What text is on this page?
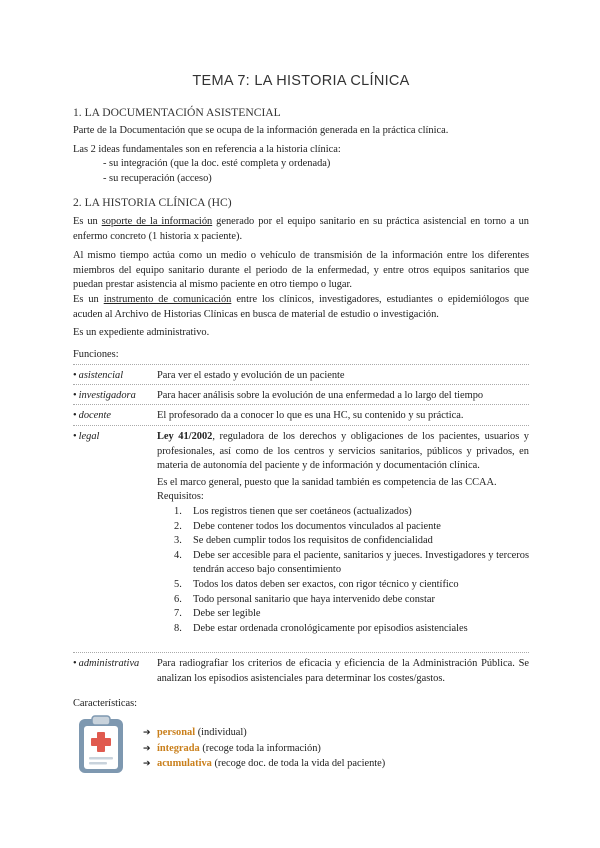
TEMA 7: LA HISTORIA CLÍNICA
1. LA DOCUMENTACIÓN ASISTENCIAL

Parte de la Documentación que se ocupa de la información generada en la práctica clínica.

Las 2 ideas fundamentales son en referencia a la historia clínica:

- su integración (que la doc. esté completa y ordenada)
- su recuperación (acceso)
2. LA HISTORIA CLÍNICA (HC)

Es un soporte de la información generado por el equipo sanitario en su práctica asistencial en torno a un enfermo concreto (1 historia x paciente).

Al mismo tiempo actúa como un medio o vehículo de transmisión de la información entre los diferentes miembros del equipo sanitario durante el periodo de la enfermedad, y entre otros equipos sanitarios que puedan prestar asistencia al mismo paciente en otro tiempo o lugar.

Es un instrumento de comunicación entre los clínicos, investigadores, estudiantes o epidemiólogos que acuden al Archivo de Historias Clínicas en busca de material de estudio o investigación.

Es un expediente administrativo.

Funciones:
• asistencial	Para ver el estado y evolución de un paciente
• investigadora	Para hacer análisis sobre la evolución de una enfermedad a lo largo del tiempo
• docente	El profesorado da a conocer lo que es una HC, su contenido y su práctica.
• legal	Ley 41/2002, reguladora de los derechos y obligaciones de los pacientes, usuarios y profesionales, así como de los centros y servicios sanitarios, públicos y privados, en materia de autonomía del paciente y de información y documentación clínica.

Es el marco general, puesto que la sanidad también es competencia de las CCAA.

Requisitos:

1. Los registros tienen que ser coetáneos (actualizados)
2. Debe contener todos los documentos vinculados al paciente
3. Se deben cumplir todos los requisitos de confidencialidad
4. Debe ser accesible para el paciente, sanitarios y jueces. Investigadores y terceros tendrán acceso bajo consentimiento
5. Todos los datos deben ser exactos, con rigor técnico y científico
6. Todo personal sanitario que haya intervenido debe constar
7. Debe ser legible
8. Debe estar ordenada cronológicamente por episodios asistenciales
• administrativa	Para radiografiar los criterios de eficacia y eficiencia de la Administración Pública. Se analizan los episodios asistenciales para determinar los costes/gastos.
Características:
➔ personal (individual)
➔ íntegrada (recoge toda la información)
➔ acumulativa (recoge doc. de toda la vida del paciente)
